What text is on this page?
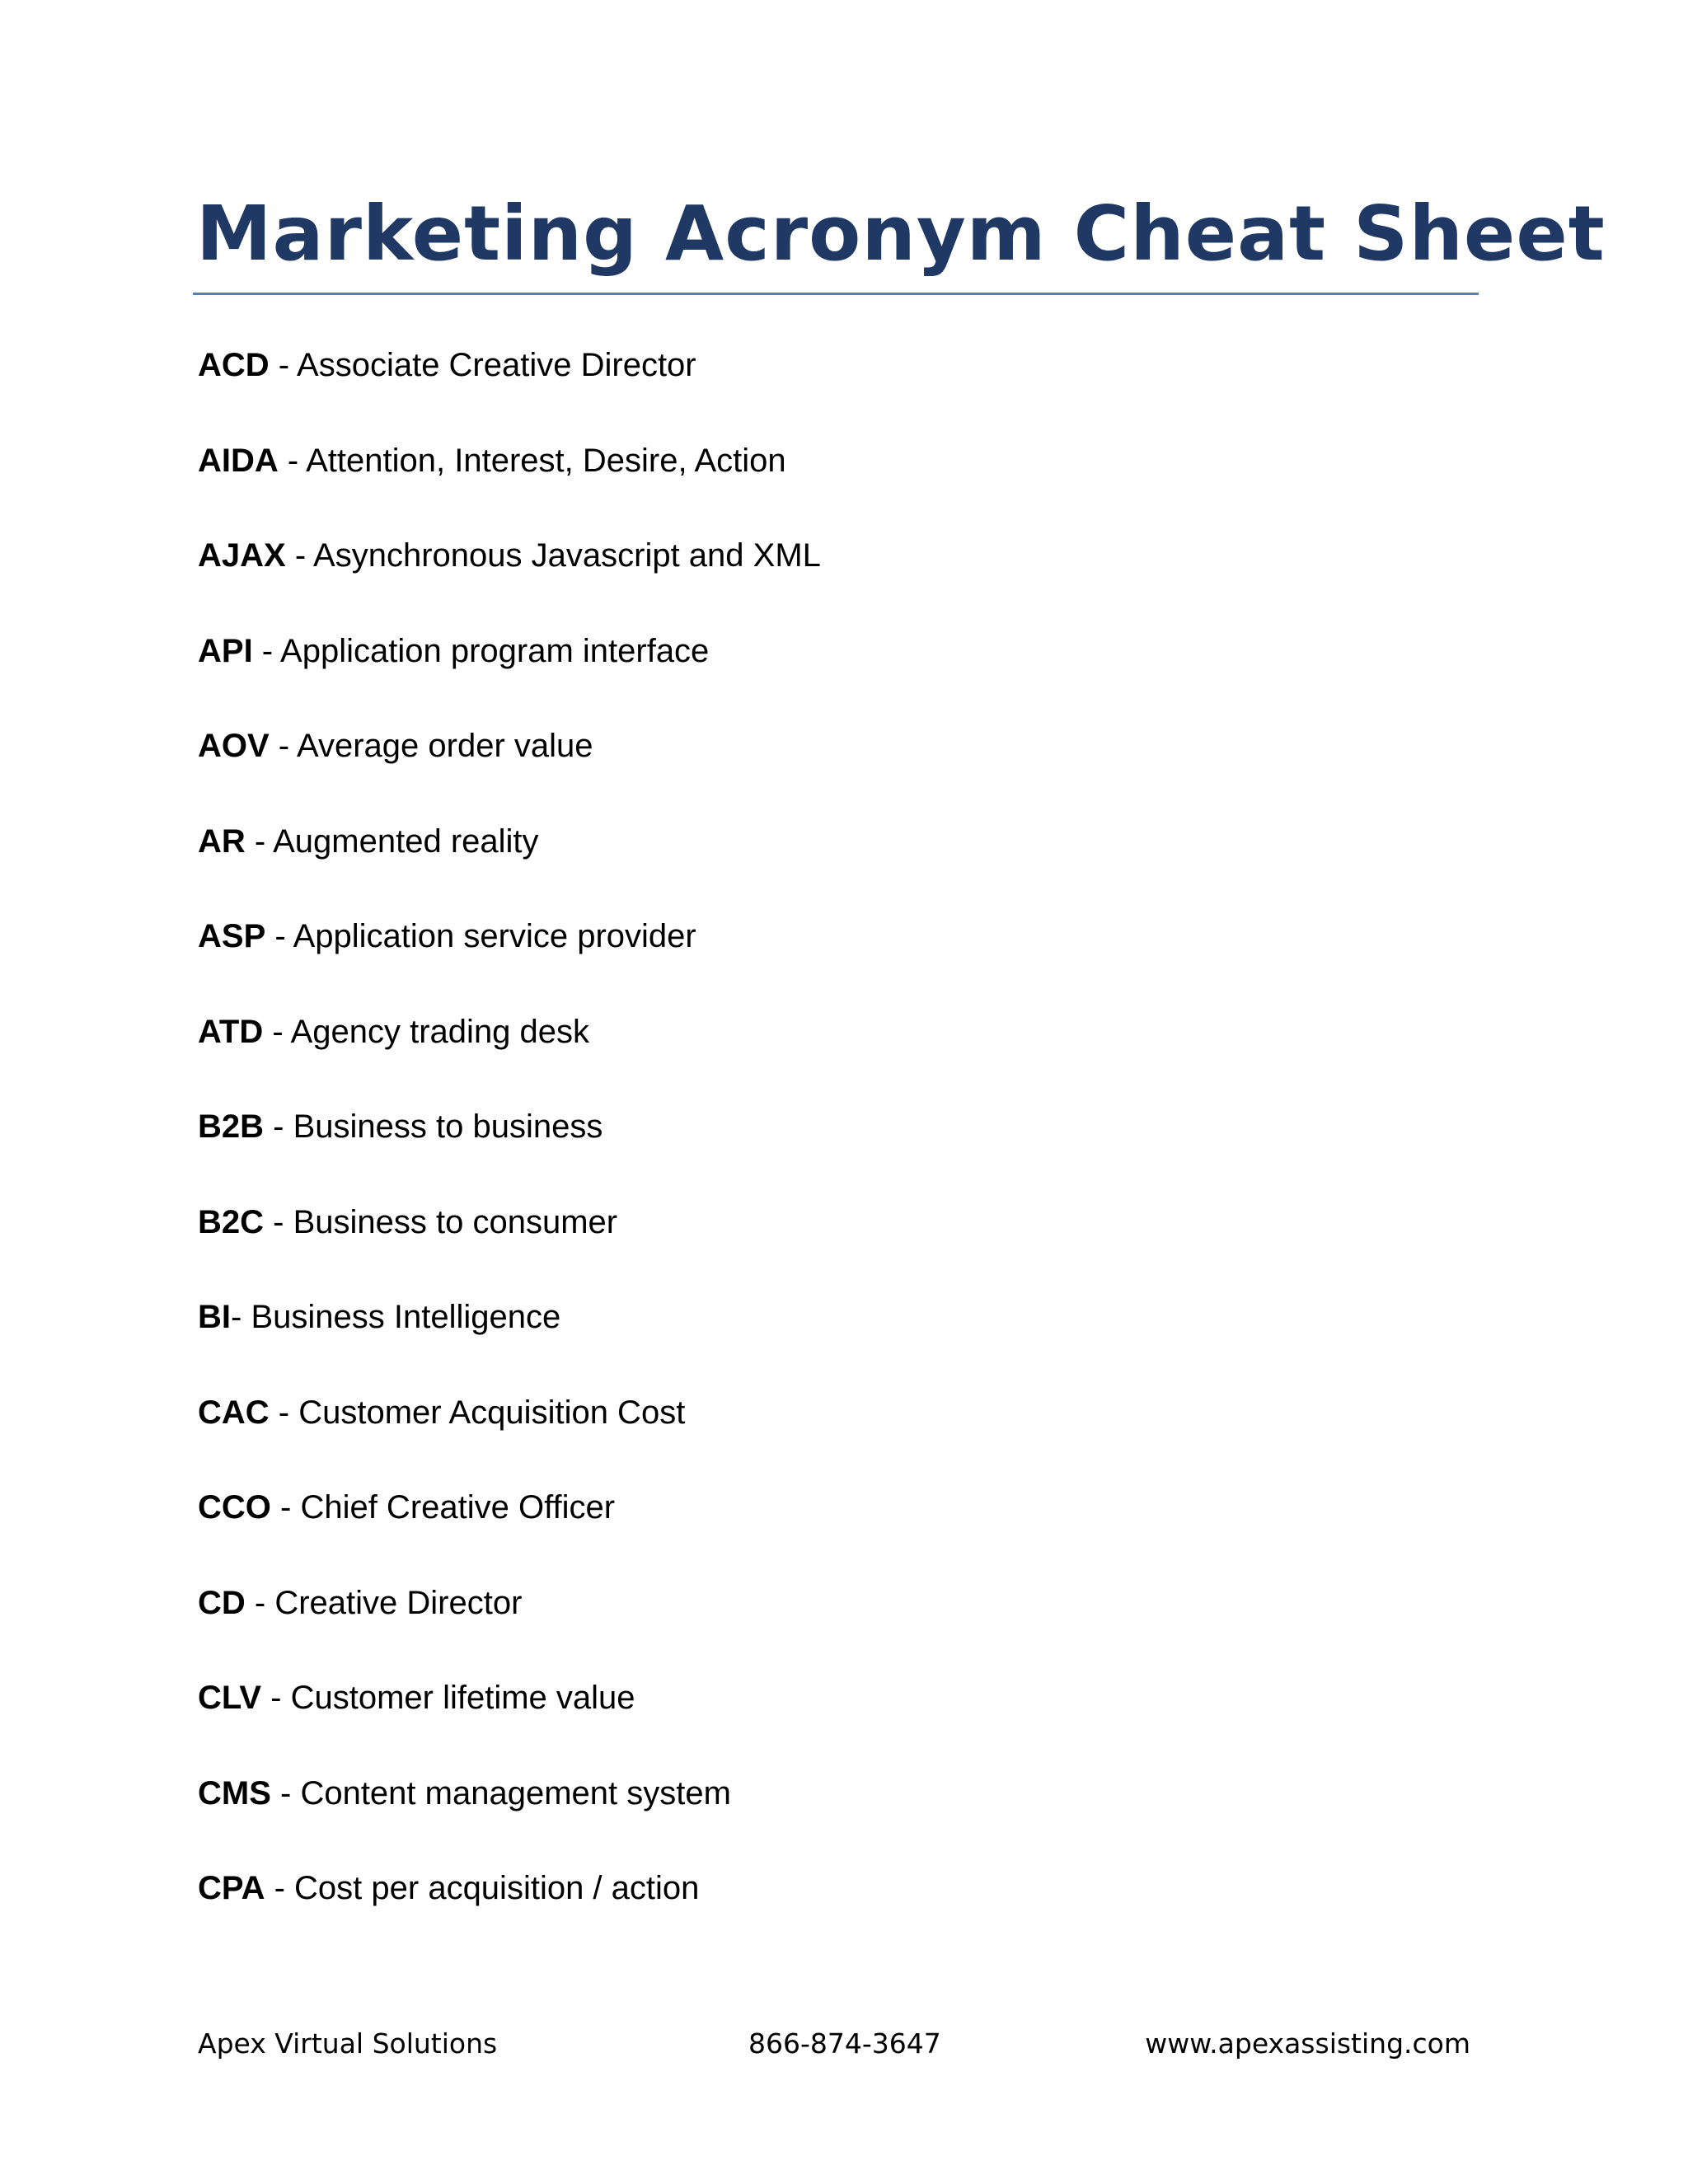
Marketing Acronym Cheat Sheet
ACD - Associate Creative Director
AIDA - Attention, Interest, Desire, Action
AJAX - Asynchronous Javascript and XML
API - Application program interface
AOV - Average order value
AR - Augmented reality
ASP - Application service provider
ATD - Agency trading desk
B2B - Business to business
B2C - Business to consumer
BI- Business Intelligence
CAC - Customer Acquisition Cost
CCO - Chief Creative Officer
CD - Creative Director
CLV - Customer lifetime value
CMS - Content management system
CPA - Cost per acquisition / action
Apex Virtual Solutions	866-874-3647	www.apexassisting.com
